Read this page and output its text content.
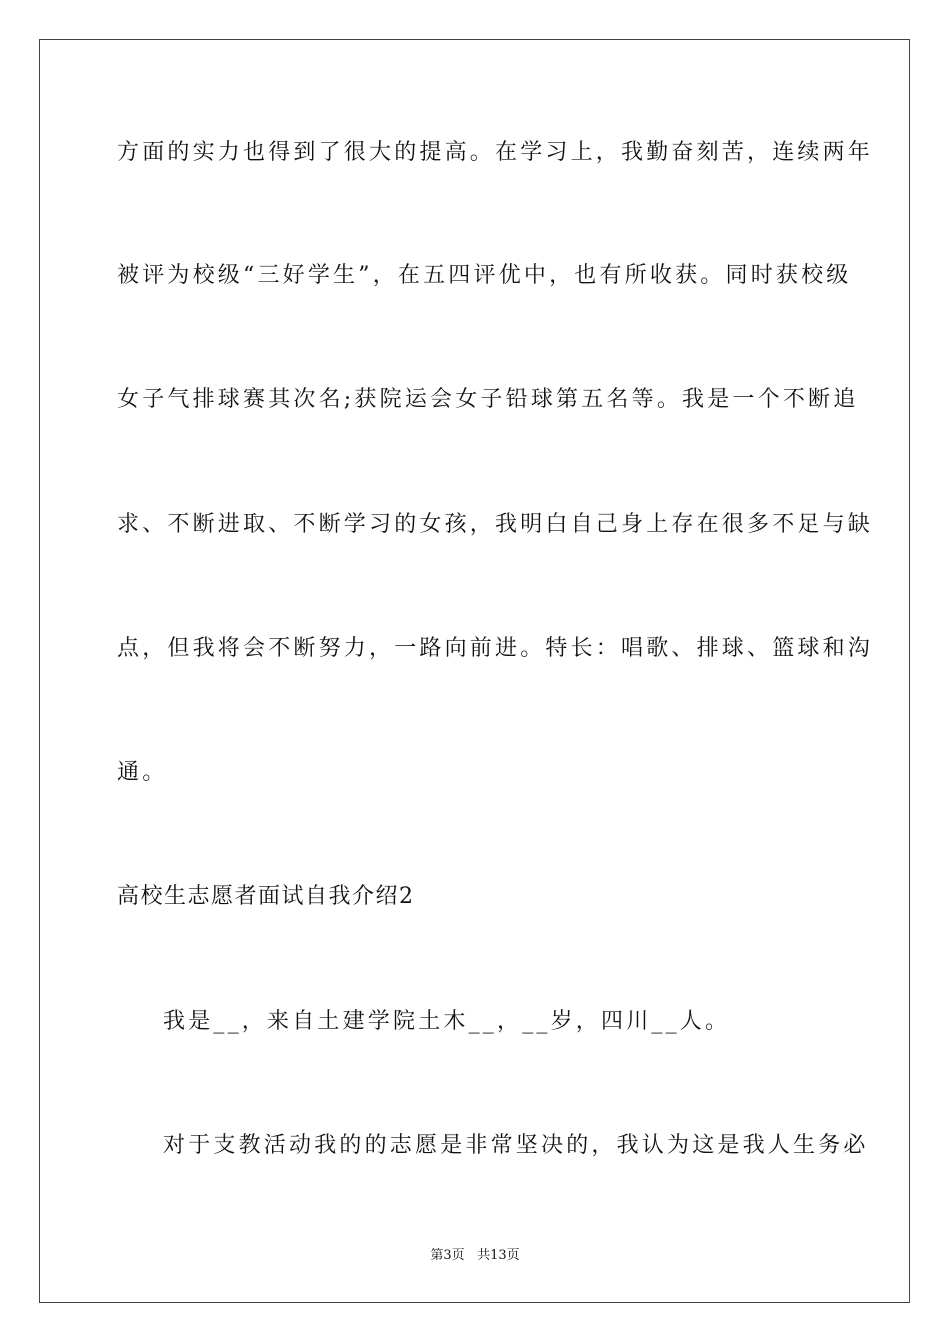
方面的实力也得到了很大的提高。在学习上，我勤奋刻苦，连续两年
被评为校级“三好学生”，在五四评优中，也有所收获。同时获校级
女子气排球赛其次名;获院运会女子铅球第五名等。我是一个不断追
求、不断进取、不断学习的女孩，我明白自己身上存在很多不足与缺
点，但我将会不断努力，一路向前进。特长：唱歌、排球、篮球和沟
通。
高校生志愿者面试自我介绍2
我是__，来自土建学院土木__，__岁，四川__人。
对于支教活动我的的志愿是非常坚决的，我认为这是我人生务必
第3页 共13页
